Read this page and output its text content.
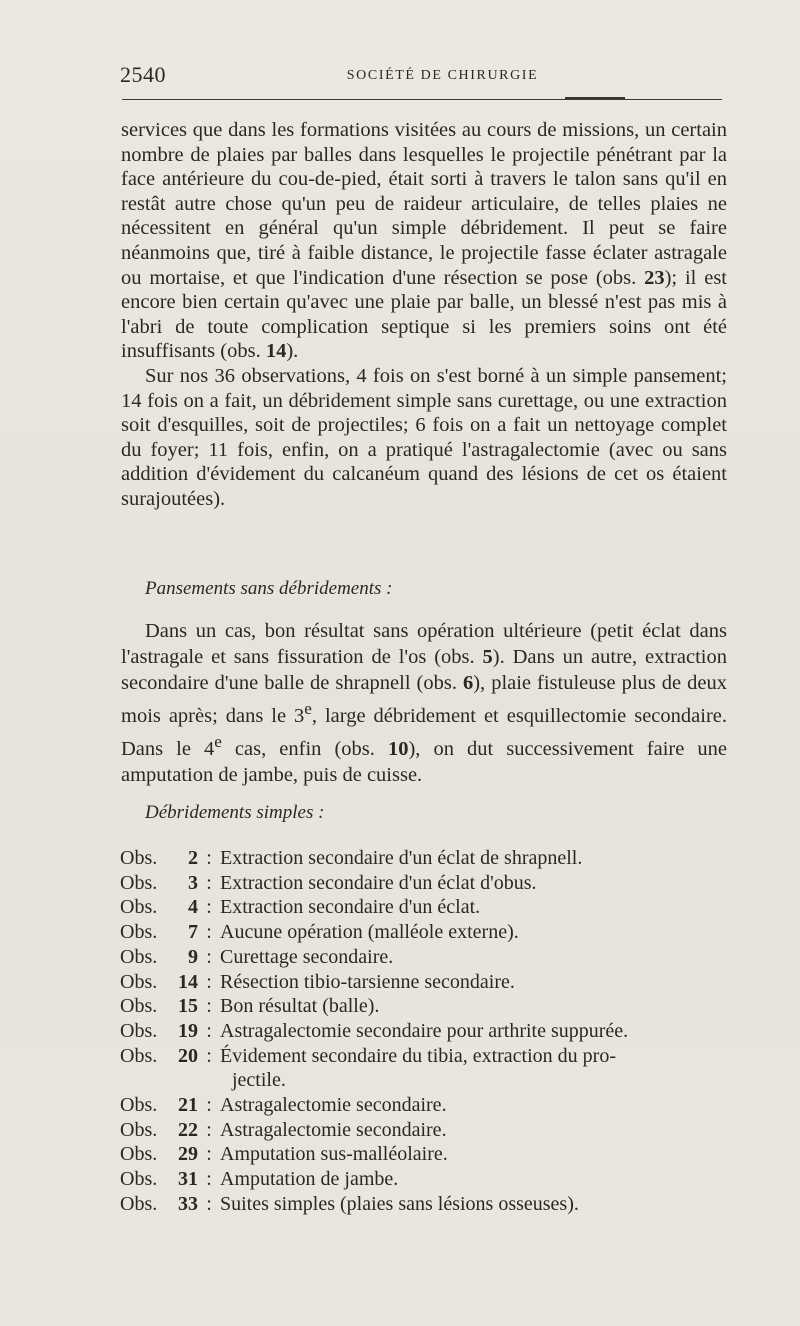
2540	SOCIÉTÉ DE CHIRURGIE

services que dans les formations visitées au cours de missions, un certain nombre de plaies par balles dans lesquelles le projectile pénétrant par la face antérieure du cou-de-pied, était sorti à travers le talon sans qu'il en restât autre chose qu'un peu de raideur articulaire, de telles plaies ne nécessitent en général qu'un simple débridement. Il peut se faire néanmoins que, tiré à faible distance, le projectile fasse éclater astragale ou mortaise, et que l'indication d'une résection se pose (obs. 23); il est encore bien certain qu'avec une plaie par balle, un blessé n'est pas mis à l'abri de toute complication septique si les premiers soins ont été insuffisants (obs. 14).

Sur nos 36 observations, 4 fois on s'est borné à un simple pansement; 14 fois on a fait, un débridement simple sans curettage, ou une extraction soit d'esquilles, soit de projectiles; 6 fois on a fait un nettoyage complet du foyer; 11 fois, enfin, on a pratiqué l'astragalectomie (avec ou sans addition d'évidement du calcanéum quand des lésions de cet os étaient surajoutées).

Pansements sans débridements :

Dans un cas, bon résultat sans opération ultérieure (petit éclat dans l'astragale et sans fissuration de l'os (obs. 5). Dans un autre, extraction secondaire d'une balle de shrapnell (obs. 6), plaie fistuleuse plus de deux mois après; dans le 3e, large débridement et esquillectomie secondaire. Dans le 4e cas, enfin (obs. 10), on dut successivement faire une amputation de jambe, puis de cuisse.

Débridements simples :
Obs.	2 : Extraction secondaire d'un éclat de shrapnell.
Obs.	3 : Extraction secondaire d'un éclat d'obus.
Obs.	4 : Extraction secondaire d'un éclat.
Obs.	7 : Aucune opération (malléole externe).
Obs.	9 : Curettage secondaire.
Obs.	14 : Résection tibio-tarsienne secondaire.
Obs.	15 : Bon résultat (balle).
Obs.	19 : Astragalectomie secondaire pour arthrite suppurée.
Obs.	20 : Évidement secondaire du tibia, extraction du pro-
jectile.
Obs.	21 : Astragalectomie secondaire.
Obs.	22 : Astragalectomie secondaire.
Obs.	29 : Amputation sus-malléolaire.
Obs.	31 : Amputation de jambe.
Obs.	33 : Suites simples (plaies sans lésions osseuses).
